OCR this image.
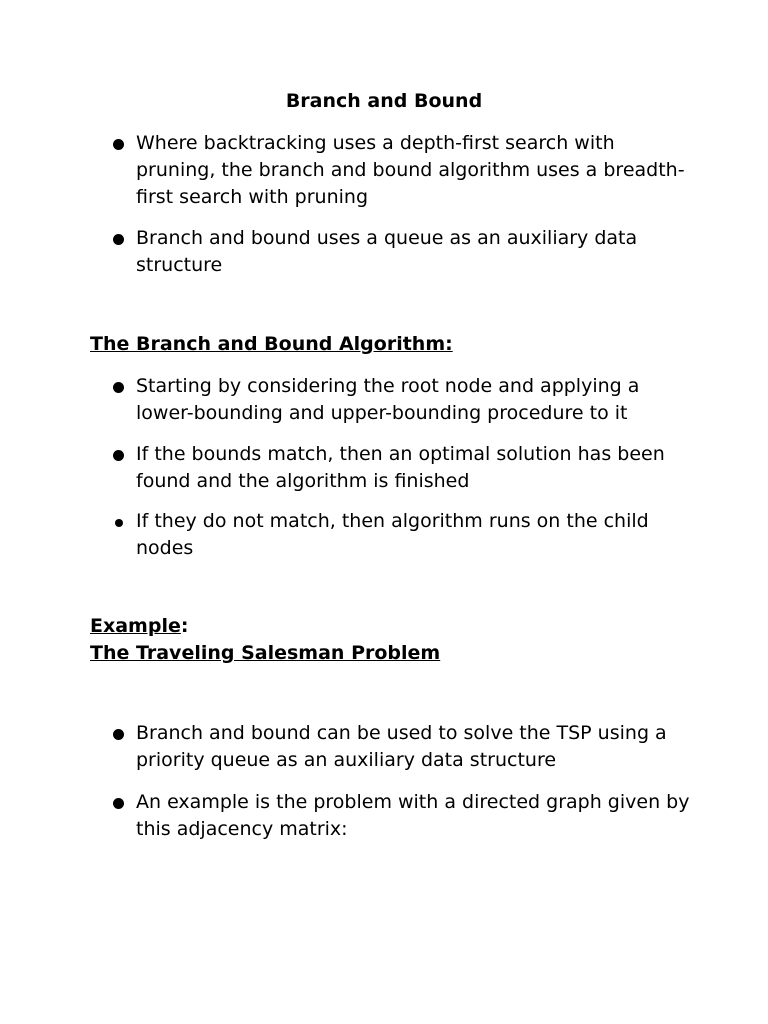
Branch and Bound
Where backtracking uses a depth-first search with pruning, the branch and bound algorithm uses a breadth-first search with pruning
Branch and bound uses a queue as an auxiliary data structure
The Branch and Bound Algorithm:
Starting by considering the root node and applying a lower-bounding and upper-bounding procedure to it
If the bounds match, then an optimal solution has been found and the algorithm is finished
If they do not match, then algorithm runs on the child nodes
Example:
The Traveling Salesman Problem
Branch and bound can be used to solve the TSP using a priority queue as an auxiliary data structure
An example is the problem with a directed graph given by this adjacency matrix:
